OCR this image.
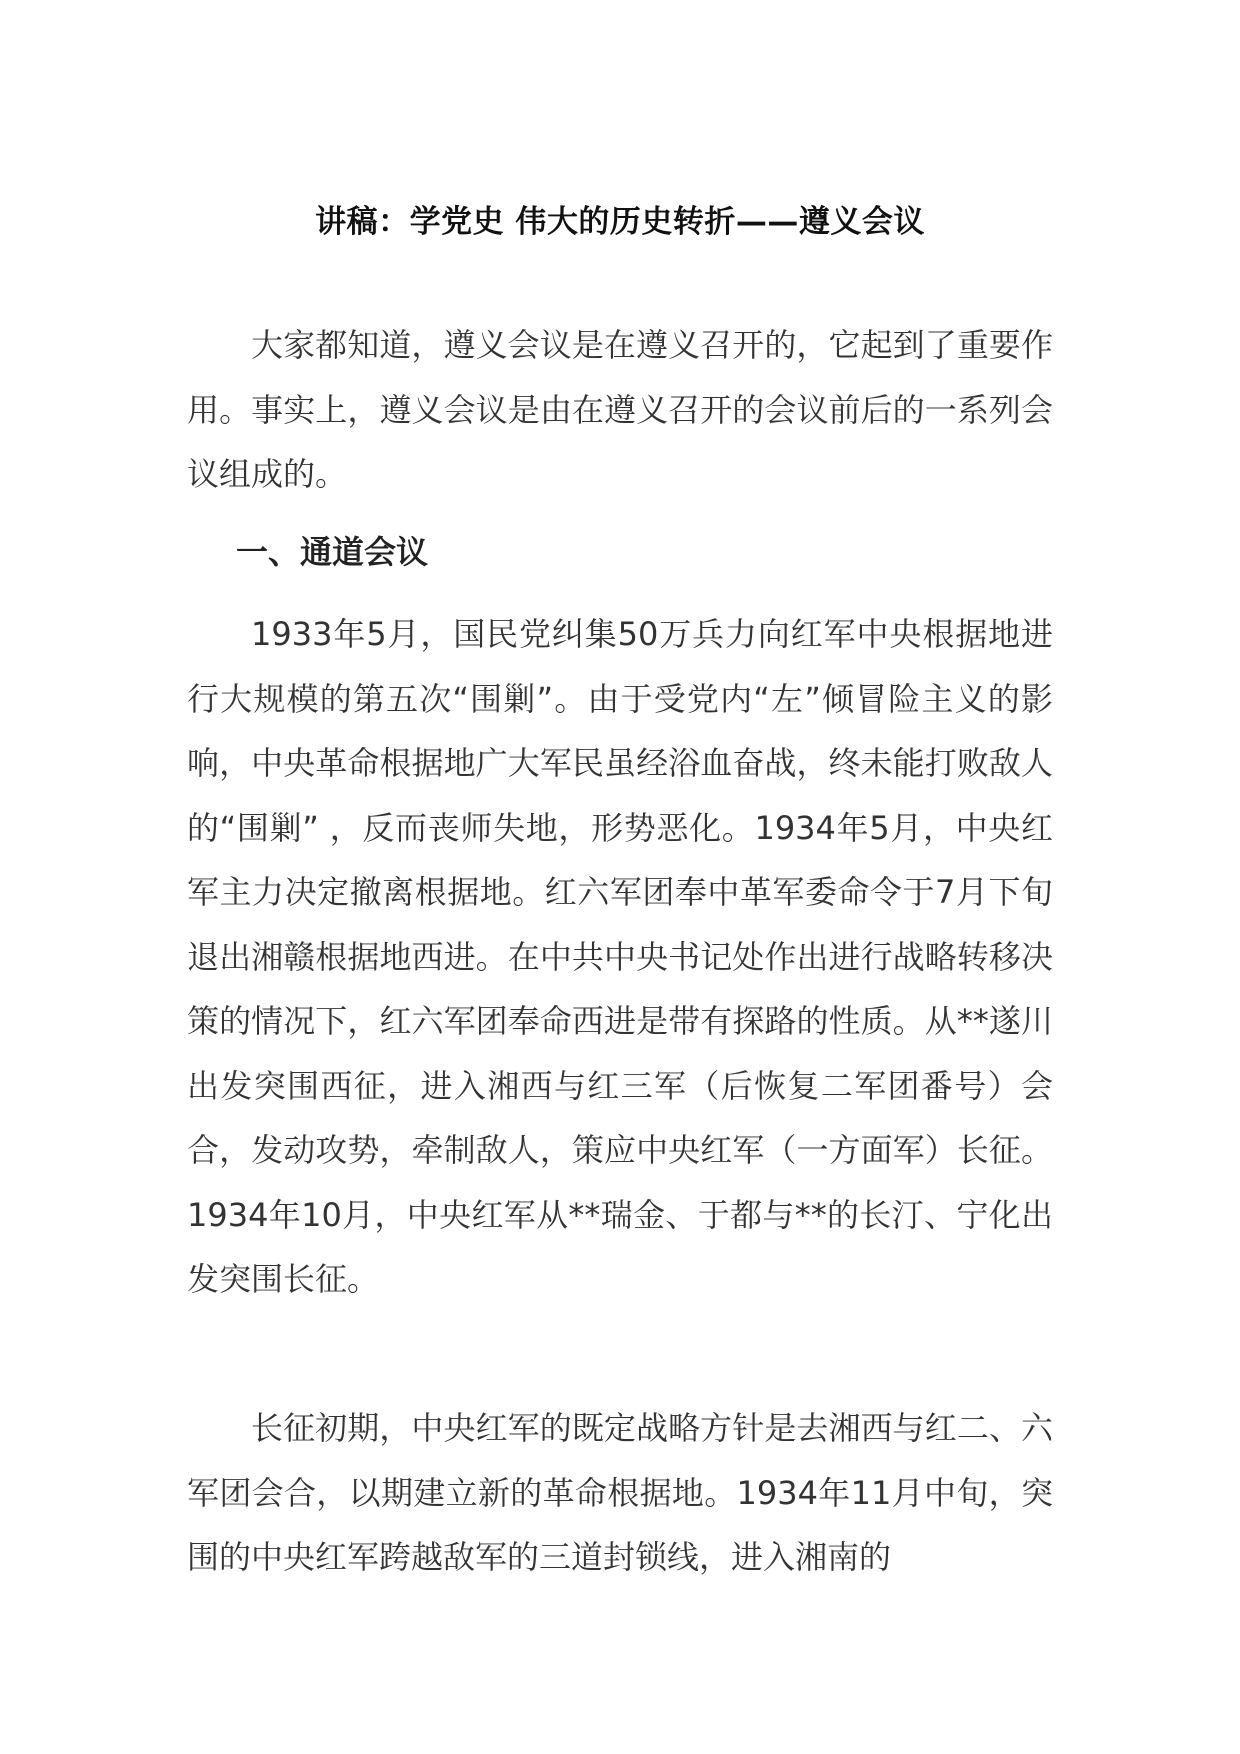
讲稿：学党史 伟大的历史转折——遵义会议

大家都知道，遵义会议是在遵义召开的，它起到了重要作用。事实上，遵义会议是由在遵义召开的会议前后的一系列会议组成的。

一、通道会议

1933年5月，国民党纠集50万兵力向红军中央根据地进行大规模的第五次“围剿”。由于受党内“左”倾冒险主义的影响，中央革命根据地广大军民虽经浴血奋战，终未能打败敌人的“围剿” ，反而丧师失地，形势恶化。1934年5月，中央红军主力决定撤离根据地。红六军团奉中革军委命令于7月下旬退出湘赣根据地西进。在中共中央书记处作出进行战略转移决策的情况下，红六军团奉命西进是带有探路的性质。从**遂川出发突围西征，进入湘西与红三军（后恢复二军团番号）会合，发动攻势，牵制敌人，策应中央红军（一方面军）长征。1934年10月，中央红军从**瑞金、于都与**的长汀、宁化出发突围长征。

长征初期，中央红军的既定战略方针是去湘西与红二、六军团会合，以期建立新的革命根据地。1934年11月中旬，突围的中央红军跨越敌军的三道封锁线，进入湘南的
